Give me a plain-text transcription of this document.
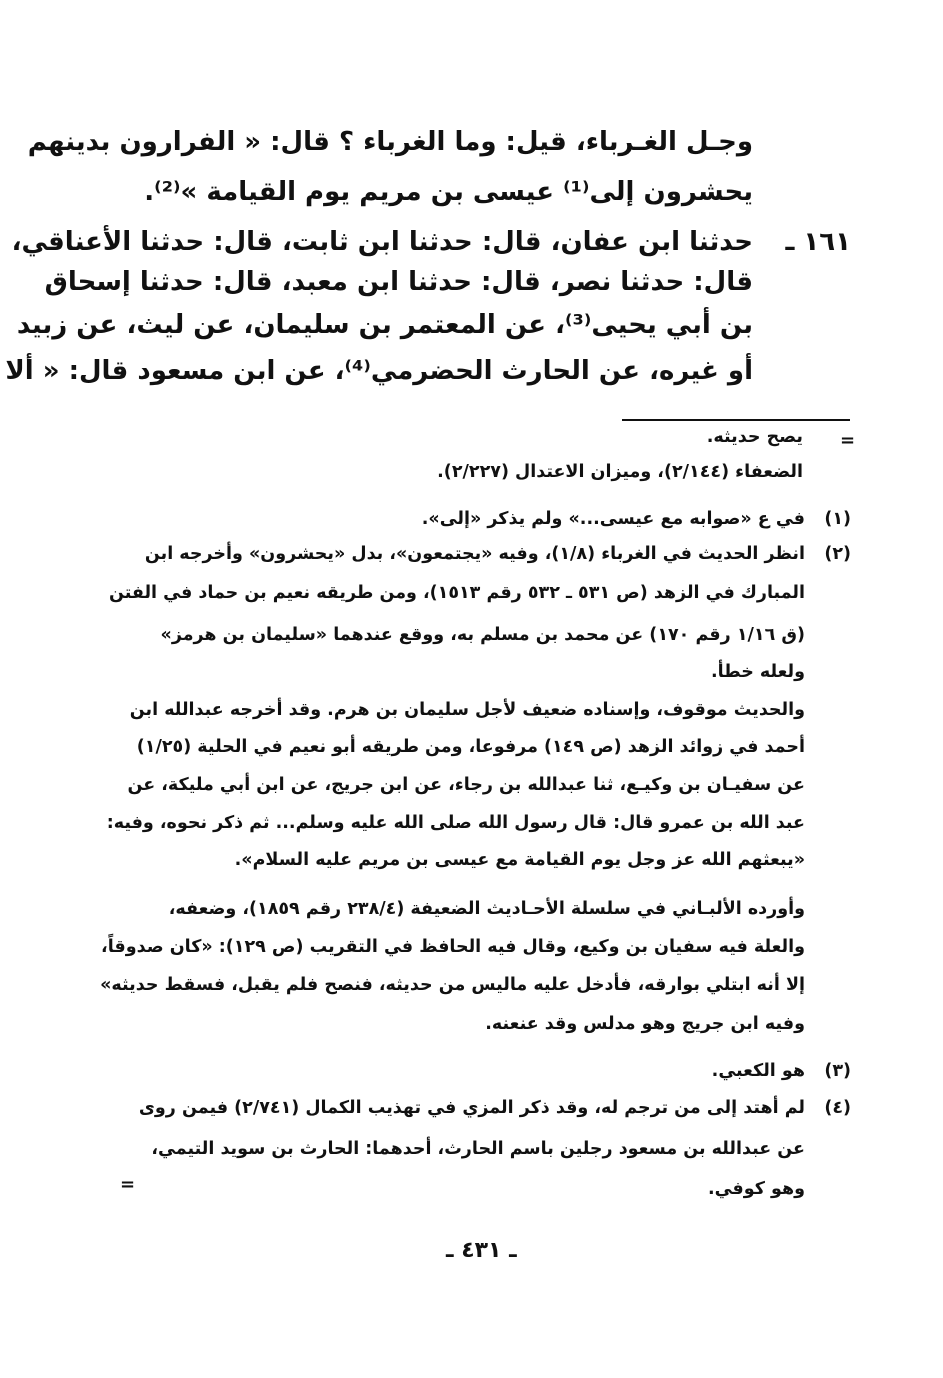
وجـل الغـرباء، قيل: وما الغرباء ؟ قال: « الفرارون بدينهم
يحشرون إلى⁽¹⁾ عيسى بن مريم يوم القيامة »⁽²⁾.
١٦١ ـ
حدثنا ابن عفان، قال: حدثنا ابن ثابت، قال: حدثنا الأعناقي،
قال: حدثنا نصر، قال: حدثنا ابن معبد، قال: حدثنا إسحاق
بن أبي يحيى⁽³⁾، عن المعتمر بن سليمان، عن ليث، عن زبيد
أو غيره، عن الحارث الحضرمي⁽⁴⁾، عن ابن مسعود قال: « ألا
=
يصح حديثه.
الضعفاء (٢/١٤٤)، وميزان الاعتدال (٢/٢٢٧).
(١)
في ع «صوابه مع عيسى...» ولم يذكر «إلى».
(٢)
انظر الحديث في الغرباء (١/٨)، وفيه «يجتمعون»، بدل «يحشرون» وأخرجه ابن
المبارك في الزهد (ص ٥٣١ ـ ٥٣٢ رقم ١٥١٣)، ومن طريقه نعيم بن حماد في الفتن
(ق ١/١٦ رقم ١٧٠) عن محمد بن مسلم به، ووقع عندهما «سليمان بن هرمز»
ولعله خطأ.
والحديث موقوف، وإسناده ضعيف لأجل سليمان بن هرم. وقد أخرجه عبدالله ابن
أحمد في زوائد الزهد (ص ١٤٩) مرفوعا، ومن طريقه أبو نعيم في الحلية (١/٢٥)
عن سفيـان بن وكيـع، ثنا عبدالله بن رجاء، عن ابن جريج، عن ابن أبي مليكة، عن
عبد الله بن عمرو قال: قال رسول الله صلى الله عليه وسلم... ثم ذكر نحوه، وفيه:
«يبعثهم الله عز وجل يوم القيامة مع عيسى بن مريم عليه السلام».
وأورده الألبـاني في سلسلة الأحـاديث الضعيفة (٢٣٨/٤ رقم ١٨٥٩)، وضعفه،
والعلة فيه سفيان بن وكيع، وقال فيه الحافظ في التقريب (ص ١٢٩): «كان صدوقاً،
إلا أنه ابتلي بوارقه، فأدخل عليه ماليس من حديثه، فنصح فلم يقبل، فسقط حديثه»
وفيه ابن جريج وهو مدلس وقد عنعنه.
(٣)
هو الكعبي.
(٤)
لم أهتد إلى من ترجم له، وقد ذكر المزي في تهذيب الكمال (٢/٧٤١) فيمن روى
عن عبدالله بن مسعود رجلين باسم الحارث، أحدهما: الحارث بن سويد التيمي،
وهو كوفي.
=
ـ ٤٣١ ـ
